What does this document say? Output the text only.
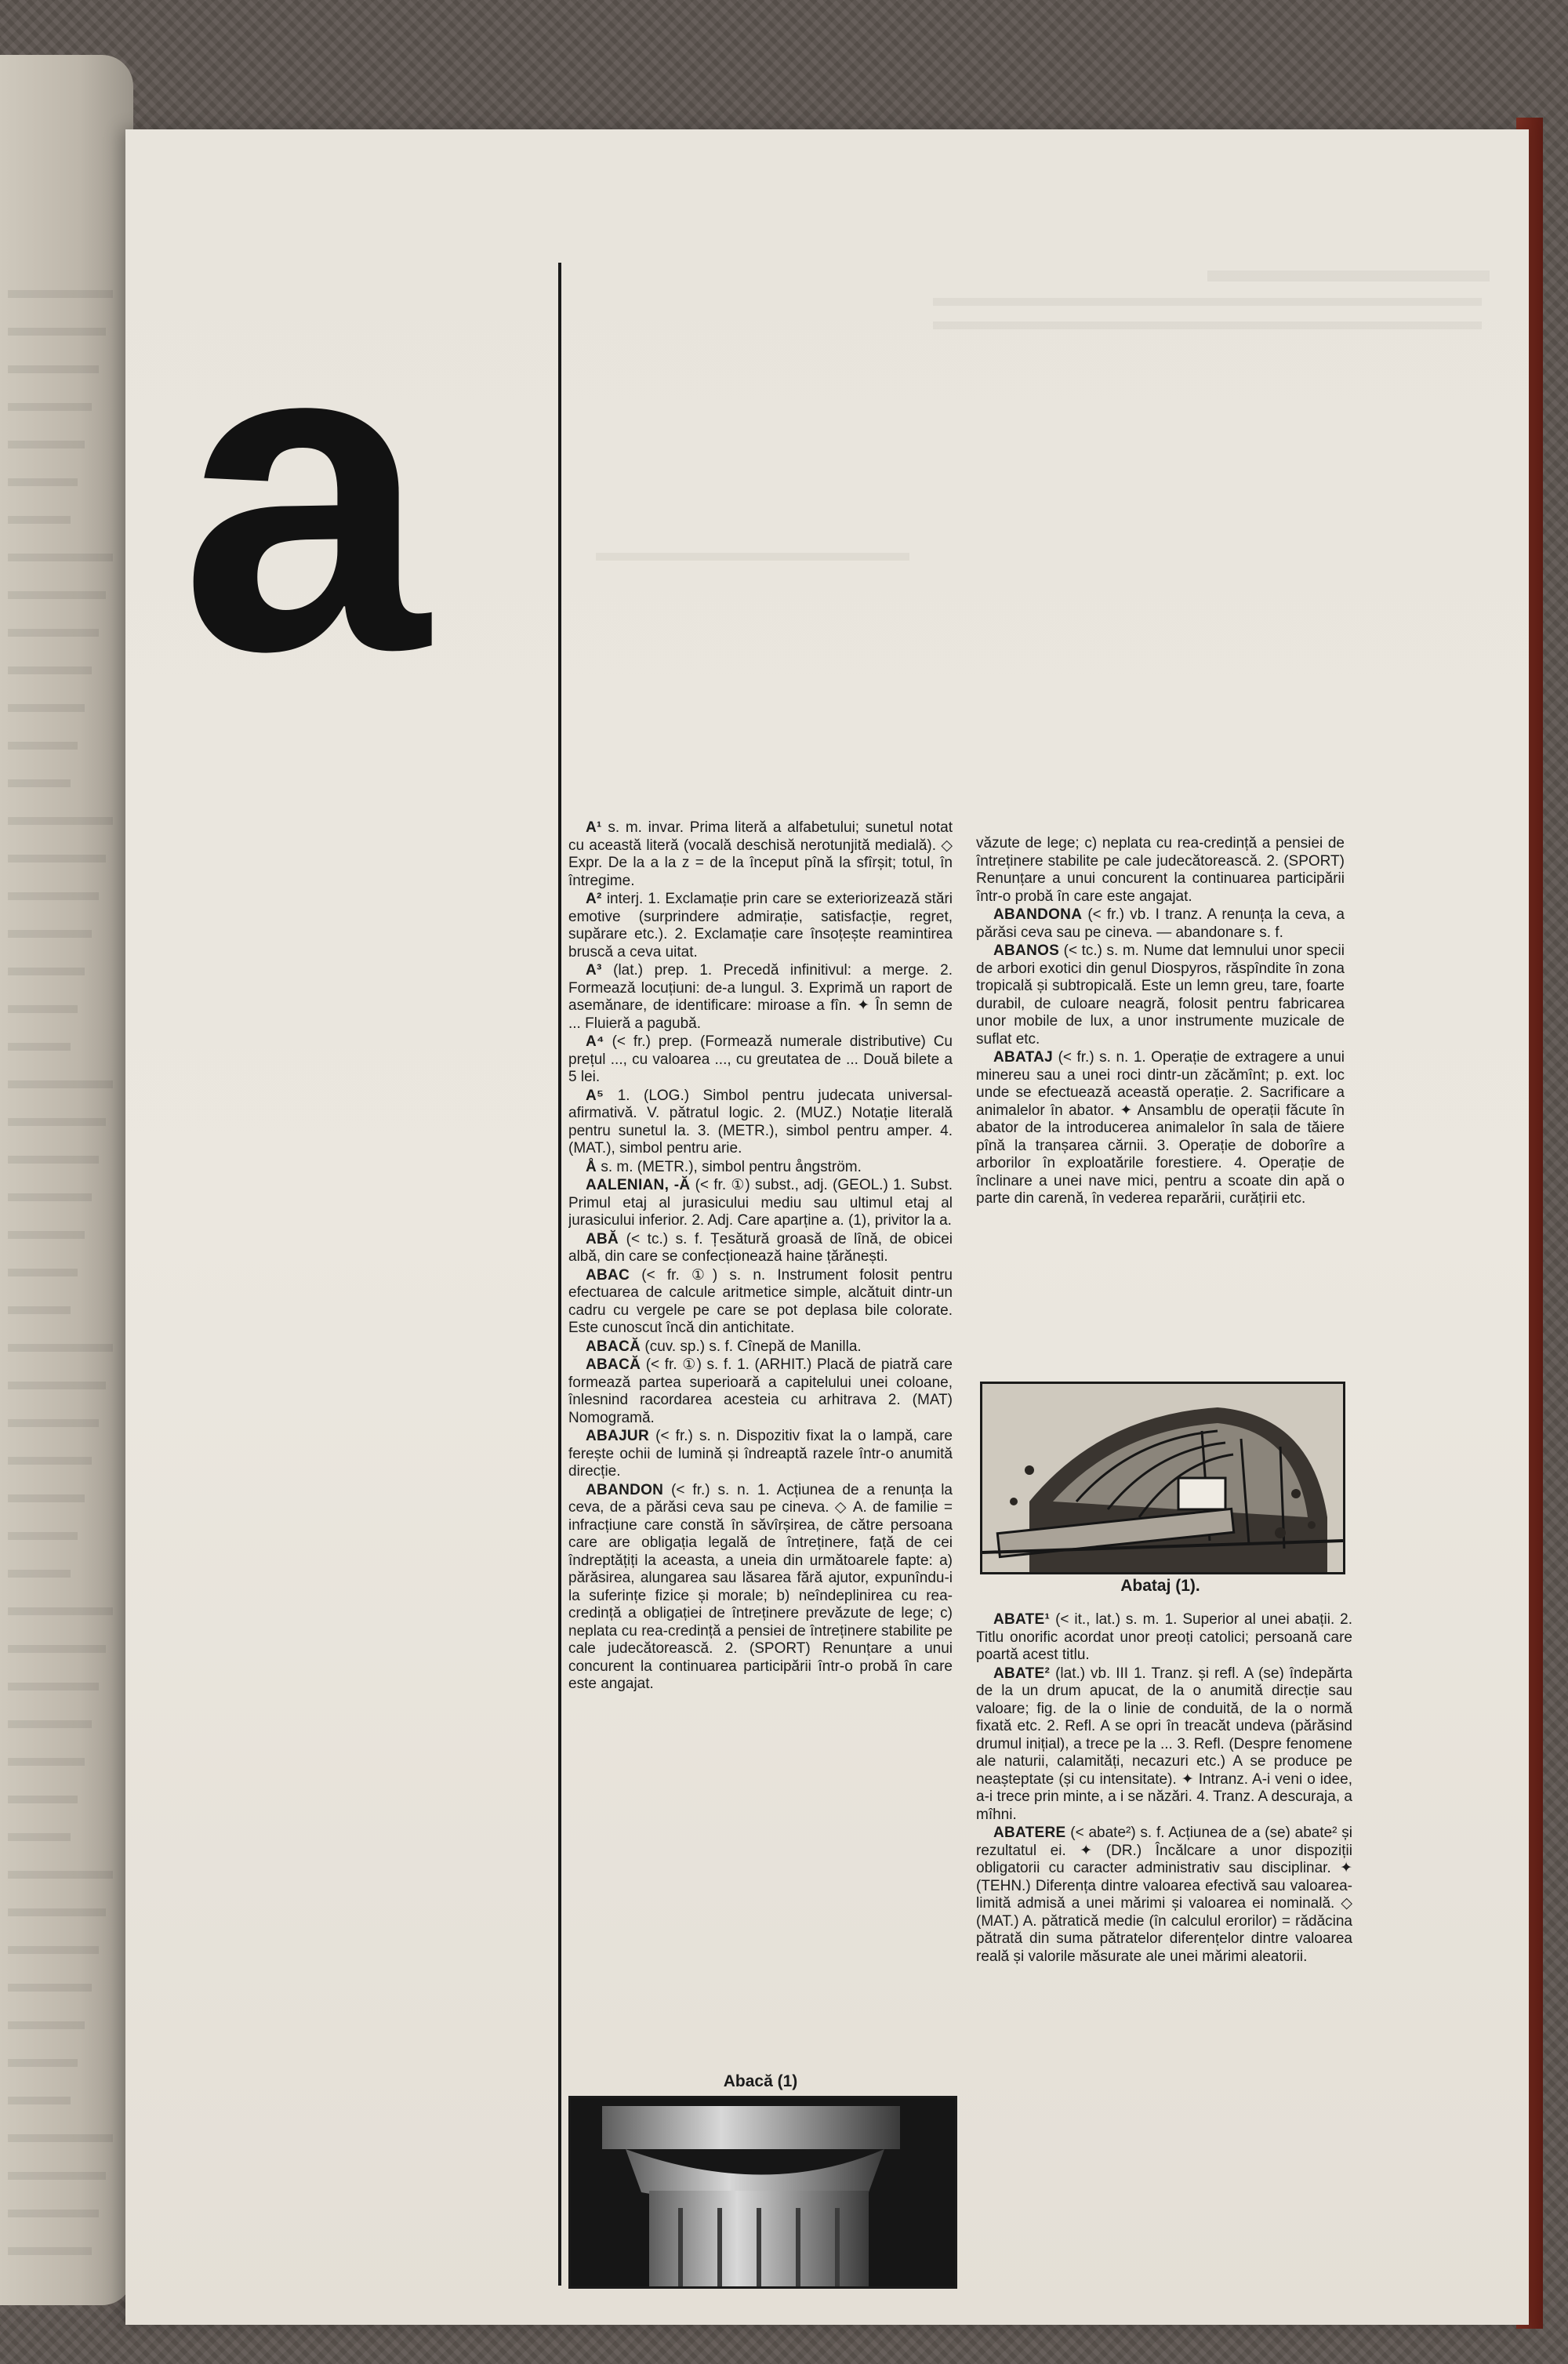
a

A¹ s. m. invar. Prima literă a alfabetului; sunetul notat cu această literă (vocală deschisă nerotunjită medială). ◇ Expr. De la a la z = de la început pînă la sfîrșit; totul, în întregime.

A² interj. 1. Exclamație prin care se exteriorizează stări emotive (surprindere admirație, satisfacție, regret, supărare etc.). 2. Exclamație care însoțește reamintirea bruscă a ceva uitat.

A³ (lat.) prep. 1. Precedă infinitivul: a merge. 2. Formează locuțiuni: de-a lungul. 3. Exprimă un raport de asemănare, de identificare: miroase a fîn. ✦ În semn de ... Fluieră a pagubă.

A⁴ (< fr.) prep. (Formează numerale distributive) Cu prețul ..., cu valoarea ..., cu greutatea de ... Două bilete a 5 lei.

A⁵ 1. (LOG.) Simbol pentru judecata universal-afirmativă. V. pătratul logic. 2. (MUZ.) Notație literală pentru sunetul la. 3. (METR.), simbol pentru amper. 4. (MAT.), simbol pentru arie.

Å s. m. (METR.), simbol pentru ångström.

AALENIAN, -Ă (< fr. ①) subst., adj. (GEOL.) 1. Subst. Primul etaj al jurasicului mediu sau ultimul etaj al jurasicului inferior. 2. Adj. Care aparține a. (1), privitor la a.

ABĂ (< tc.) s. f. Țesătură groasă de lînă, de obicei albă, din care se confecționează haine țărănești.

ABAC (< fr. ①) s. n. Instrument folosit pentru efectuarea de calcule aritmetice simple, alcătuit dintr-un cadru cu vergele pe care se pot deplasa bile colorate. Este cunoscut încă din antichitate.

ABACĂ (cuv. sp.) s. f. Cînepă de Manilla.

ABACĂ (< fr. ①) s. f. 1. (ARHIT.) Placă de piatră care formează partea superioară a capitelului unei coloane, înlesnind racordarea acesteia cu arhitrava 2. (MAT) Nomogramă.

ABAJUR (< fr.) s. n. Dispozitiv fixat la o lampă, care ferește ochii de lumină și îndreaptă razele într-o anumită direcție.

ABANDON (< fr.) s. n. 1. Acțiunea de a renunța la ceva, de a părăsi ceva sau pe cineva. ◇ A. de familie = infracțiune care constă în săvîrșirea, de către persoana care are obligația legală de întreținere, față de cei îndreptățiți la aceasta, a uneia din următoarele fapte: a) părăsirea, alungarea sau lăsarea fără ajutor, expunîndu-i la suferințe fizice și morale; b) neîndeplinirea cu rea-credință a obligației de întreținere prevăzute de lege; c) neplata cu rea-credință a pensiei de întreținere stabilite pe cale judecătorească. 2. (SPORT) Renunțare a unui concurent la continuarea participării într-o probă în care este angajat.

văzute de lege; c) neplata cu rea-credință a pensiei de întreținere stabilite pe cale judecătorească. 2. (SPORT) Renunțare a unui concurent la continuarea participării într-o probă în care este angajat.

ABANDONA (< fr.) vb. I tranz. A renunța la ceva, a părăsi ceva sau pe cineva. — abandonare s. f.

ABANOS (< tc.) s. m. Nume dat lemnului unor specii de arbori exotici din genul Diospyros, răspîndite în zona tropicală și subtropicală. Este un lemn greu, tare, foarte durabil, de culoare neagră, folosit pentru fabricarea unor mobile de lux, a unor instrumente muzicale de suflat etc.

ABATAJ (< fr.) s. n. 1. Operație de extragere a unui minereu sau a unei roci dintr-un zăcămînt; p. ext. loc unde se efectuează această operație. 2. Sacrificare a animalelor în abator. ✦ Ansamblu de operații făcute în abator de la introducerea animalelor în sala de tăiere pînă la tranșarea cărnii. 3. Operație de doborîre a arborilor în exploatările forestiere. 4. Operație de înclinare a unei nave mici, pentru a scoate din apă o parte din carenă, în vederea reparării, curățirii etc.

Abataj (1).

ABATE¹ (< it., lat.) s. m. 1. Superior al unei abații. 2. Titlu onorific acordat unor preoți catolici; persoană care poartă acest titlu.

ABATE² (lat.) vb. III 1. Tranz. și refl. A (se) îndepărta de la un drum apucat, de la o anumită direcție sau valoare; fig. de la o linie de conduită, de la o normă fixată etc. 2. Refl. A se opri în treacăt undeva (părăsind drumul inițial), a trece pe la ... 3. Refl. (Despre fenomene ale naturii, calamități, necazuri etc.) A se produce pe neașteptate (și cu intensitate). ✦ Intranz. A-i veni o idee, a-i trece prin minte, a i se năzări. 4. Tranz. A descuraja, a mîhni.

ABATERE (< abate²) s. f. Acțiunea de a (se) abate² și rezultatul ei. ✦ (DR.) Încălcare a unor dispoziții obligatorii cu caracter administrativ sau disciplinar. ✦ (TEHN.) Diferența dintre valoarea efectivă sau valoarea-limită admisă a unei mărimi și valoarea ei nominală. ◇ (MAT.) A. pătratică medie (în calculul erorilor) = rădăcina pătrată din suma pătratelor diferențelor dintre valoarea reală și valorile măsurate ale unei mărimi aleatorii.

Abacă (1)
